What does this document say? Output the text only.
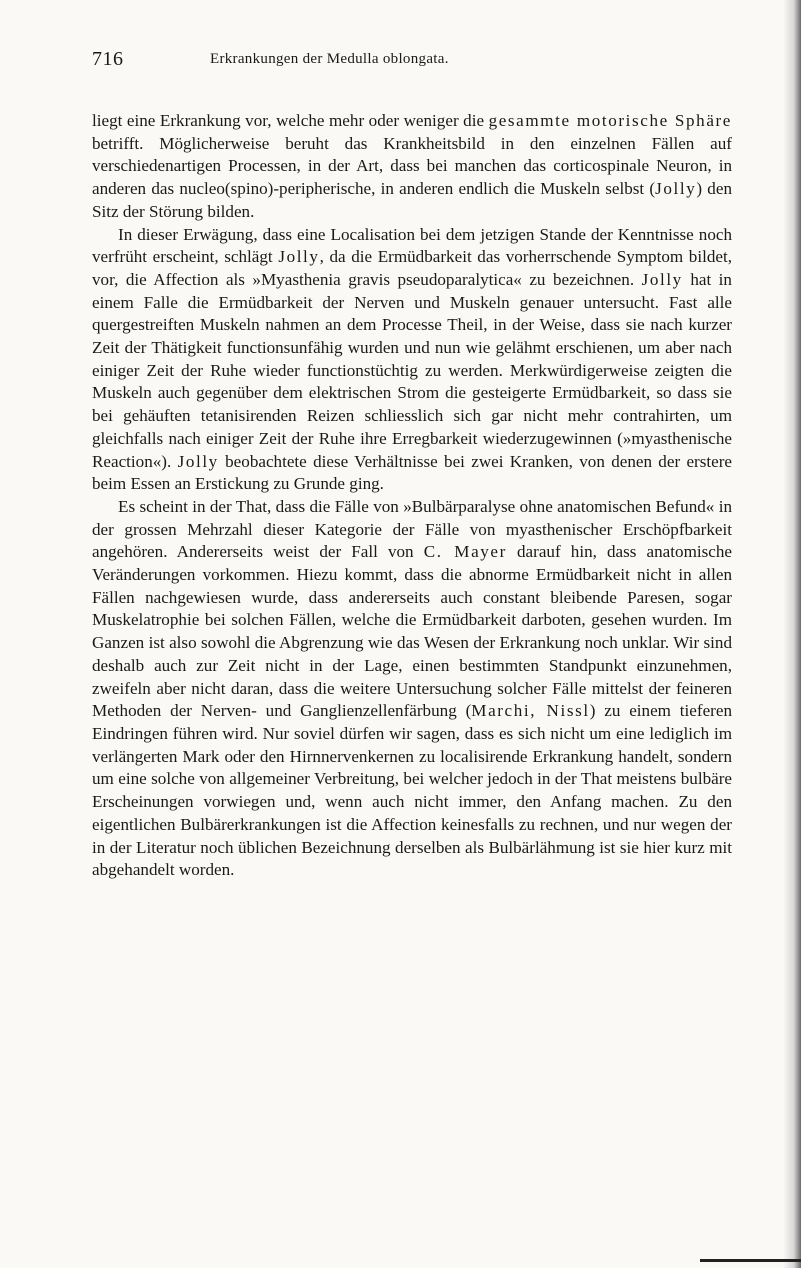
716	Erkrankungen der Medulla oblongata.

liegt eine Erkrankung vor, welche mehr oder weniger die gesammte motorische Sphäre betrifft. Möglicherweise beruht das Krankheitsbild in den einzelnen Fällen auf verschiedenartigen Processen, in der Art, dass bei manchen das corticospinale Neuron, in anderen das nucleo(spino)-peripherische, in anderen endlich die Muskeln selbst (Jolly) den Sitz der Störung bilden.

In dieser Erwägung, dass eine Localisation bei dem jetzigen Stande der Kenntnisse noch verfrüht erscheint, schlägt Jolly, da die Ermüdbarkeit das vorherrschende Symptom bildet, vor, die Affection als »Myasthenia gravis pseudoparalytica« zu bezeichnen. Jolly hat in einem Falle die Ermüdbarkeit der Nerven und Muskeln genauer untersucht. Fast alle quergestreiften Muskeln nahmen an dem Processe Theil, in der Weise, dass sie nach kurzer Zeit der Thätigkeit functionsunfähig wurden und nun wie gelähmt erschienen, um aber nach einiger Zeit der Ruhe wieder functionstüchtig zu werden. Merkwürdigerweise zeigten die Muskeln auch gegenüber dem elektrischen Strom die gesteigerte Ermüdbarkeit, so dass sie bei gehäuften tetanisirenden Reizen schliesslich sich gar nicht mehr contrahirten, um gleichfalls nach einiger Zeit der Ruhe ihre Erregbarkeit wiederzugewinnen (»myasthenische Reaction«). Jolly beobachtete diese Verhältnisse bei zwei Kranken, von denen der erstere beim Essen an Erstickung zu Grunde ging.

Es scheint in der That, dass die Fälle von »Bulbärparalyse ohne anatomischen Befund« in der grossen Mehrzahl dieser Kategorie der Fälle von myasthenischer Erschöpfbarkeit angehören. Andererseits weist der Fall von C. Mayer darauf hin, dass anatomische Veränderungen vorkommen. Hiezu kommt, dass die abnorme Ermüdbarkeit nicht in allen Fällen nachgewiesen wurde, dass andererseits auch constant bleibende Paresen, sogar Muskelatrophie bei solchen Fällen, welche die Ermüdbarkeit darboten, gesehen wurden. Im Ganzen ist also sowohl die Abgrenzung wie das Wesen der Erkrankung noch unklar. Wir sind deshalb auch zur Zeit nicht in der Lage, einen bestimmten Standpunkt einzunehmen, zweifeln aber nicht daran, dass die weitere Untersuchung solcher Fälle mittelst der feineren Methoden der Nerven- und Ganglienzellenfärbung (Marchi, Nissl) zu einem tieferen Eindringen führen wird. Nur soviel dürfen wir sagen, dass es sich nicht um eine lediglich im verlängerten Mark oder den Hirnnervenkernen zu localisirende Erkrankung handelt, sondern um eine solche von allgemeiner Verbreitung, bei welcher jedoch in der That meistens bulbäre Erscheinungen vorwiegen und, wenn auch nicht immer, den Anfang machen. Zu den eigentlichen Bulbärerkrankungen ist die Affection keinesfalls zu rechnen, und nur wegen der in der Literatur noch üblichen Bezeichnung derselben als Bulbärlähmung ist sie hier kurz mit abgehandelt worden.
